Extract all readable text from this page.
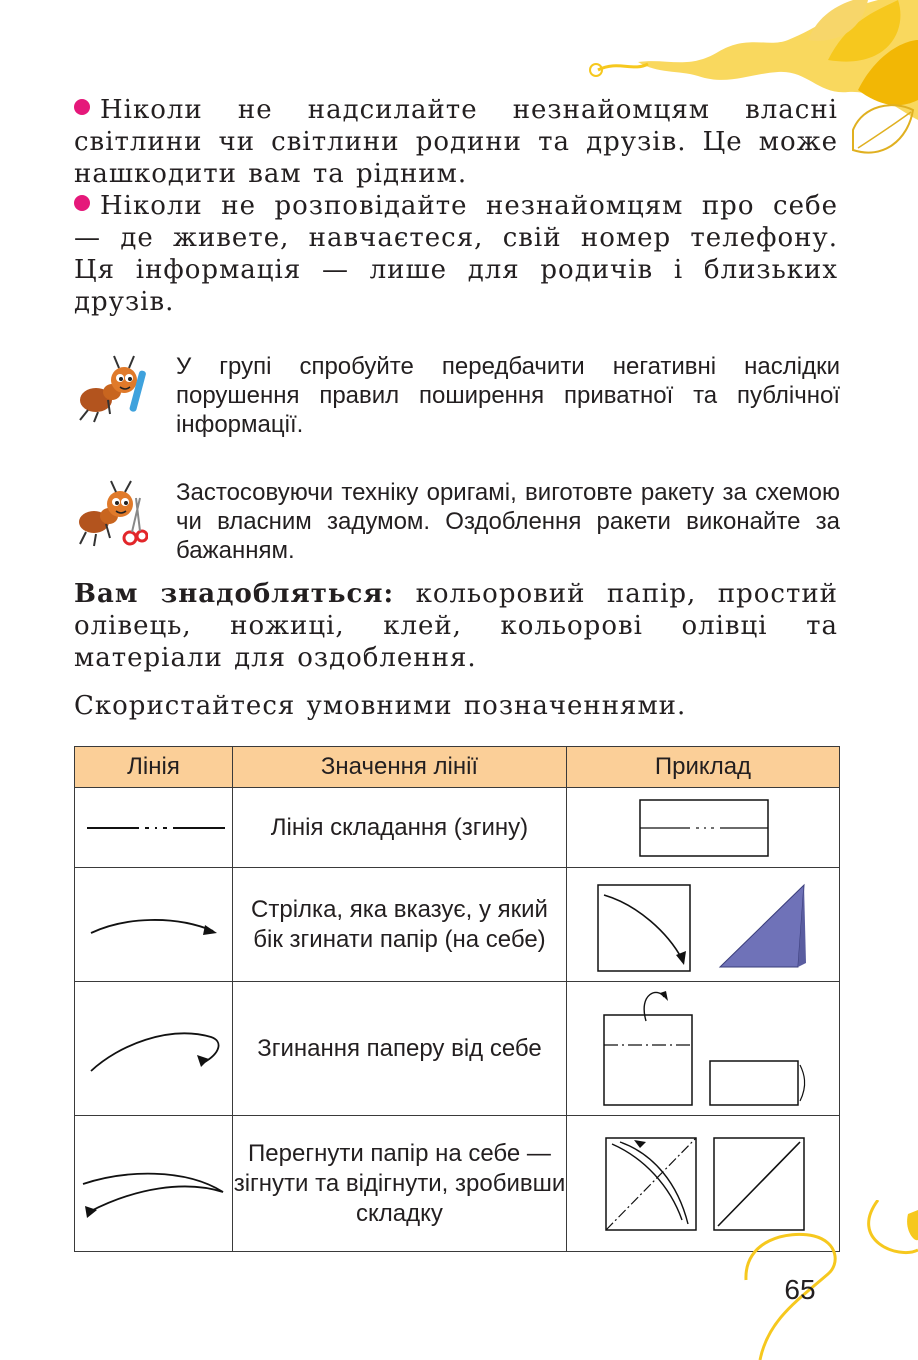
Ніколи не надсилайте незнайомцям власні світлини чи світлини родини та друзів. Це може нашкодити вам та рідним.
Ніколи не розповідайте незнайомцям про себе — де живете, навчаєтеся, свій номер телефону. Ця інформація — лише для родичів і близьких друзів.
У групі спробуйте передбачити негативні наслідки порушення правил поширення приватної та публічної інформації.
Застосовуючи техніку оригамі, виготовте ракету за схемою чи власним задумом. Оздоблення ракети виконайте за бажанням.
Вам знадобляться: кольоровий папір, простий олівець, ножиці, клей, кольорові олівці та матеріали для оздоблення.
Скористайтеся умовними позначеннями.
Лінія	Значення лінії	Приклад

	Лінія складання (згину)	

	Стрілка, яка вказує, у який бік згинати папір (на себе)	

	Згинання паперу від себе	

	Перегнути папір на себе — зігнути та відігнути, зробивши складку	
65
